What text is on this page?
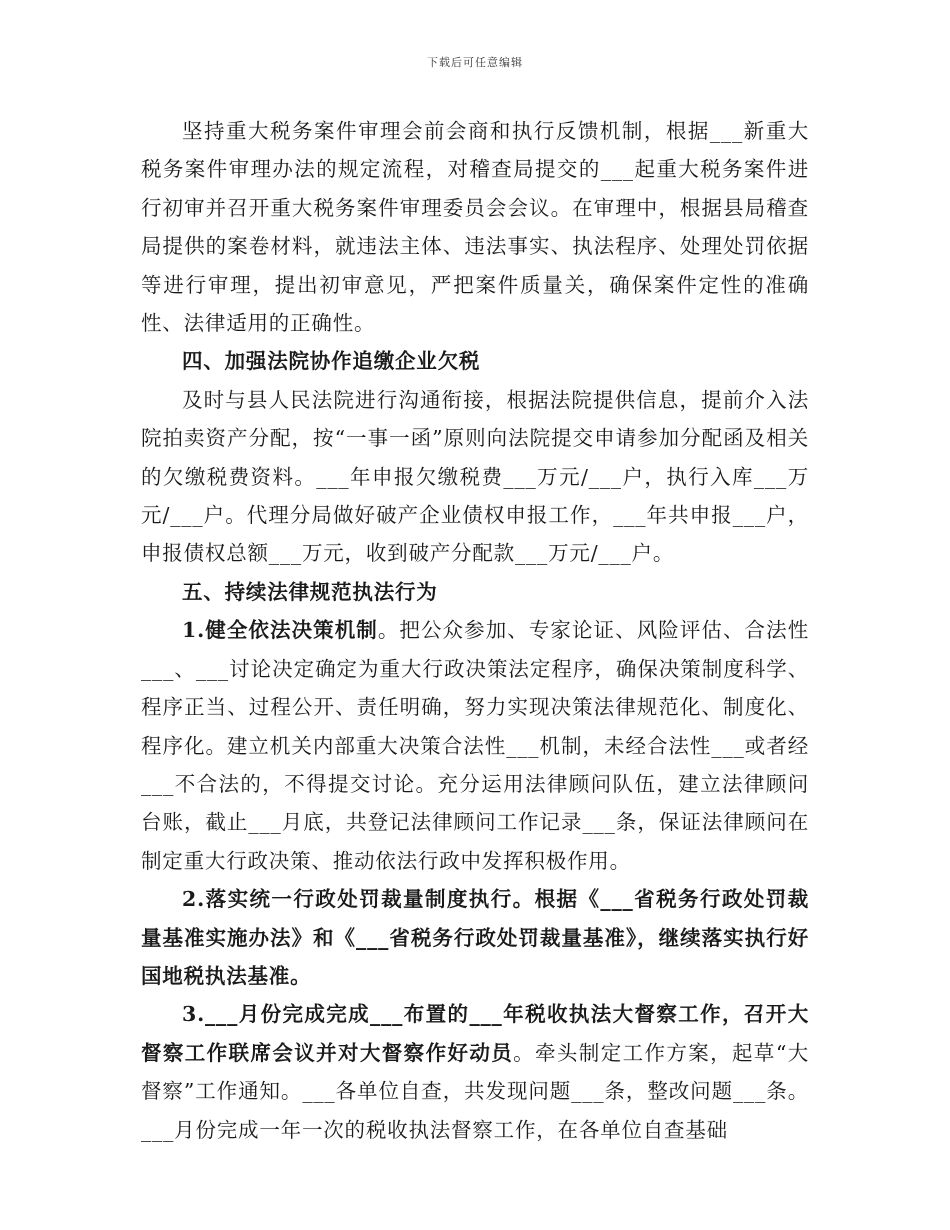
下载后可任意编辑

坚持重大税务案件审理会前会商和执行反馈机制，根据___新重大税务案件审理办法的规定流程，对稽查局提交的___起重大税务案件进行初审并召开重大税务案件审理委员会会议。在审理中，根据县局稽查局提供的案卷材料，就违法主体、违法事实、执法程序、处理处罚依据等进行审理，提出初审意见，严把案件质量关，确保案件定性的准确性、法律适用的正确性。

四、加强法院协作追缴企业欠税

及时与县人民法院进行沟通衔接，根据法院提供信息，提前介入法院拍卖资产分配，按“一事一函”原则向法院提交申请参加分配函及相关的欠缴税费资料。___年申报欠缴税费___万元/___户，执行入库___万元/___户。代理分局做好破产企业债权申报工作，___年共申报___户，申报债权总额___万元，收到破产分配款___万元/___户。

五、持续法律规范执法行为

1.健全依法决策机制。把公众参加、专家论证、风险评估、合法性___、___讨论决定确定为重大行政决策法定程序，确保决策制度科学、程序正当、过程公开、责任明确，努力实现决策法律规范化、制度化、程序化。建立机关内部重大决策合法性___机制，未经合法性___或者经___不合法的，不得提交讨论。充分运用法律顾问队伍，建立法律顾问台账，截止___月底，共登记法律顾问工作记录___条，保证法律顾问在制定重大行政决策、推动依法行政中发挥积极作用。

2.落实统一行政处罚裁量制度执行。根据《___省税务行政处罚裁量基准实施办法》和《___省税务行政处罚裁量基准》，继续落实执行好国地税执法基准。

3.___月份完成完成___布置的___年税收执法大督察工作，召开大督察工作联席会议并对大督察作好动员。牵头制定工作方案，起草“大督察”工作通知。___各单位自查，共发现问题___条，整改问题___条。___月份完成一年一次的税收执法督察工作，在各单位自查基础
